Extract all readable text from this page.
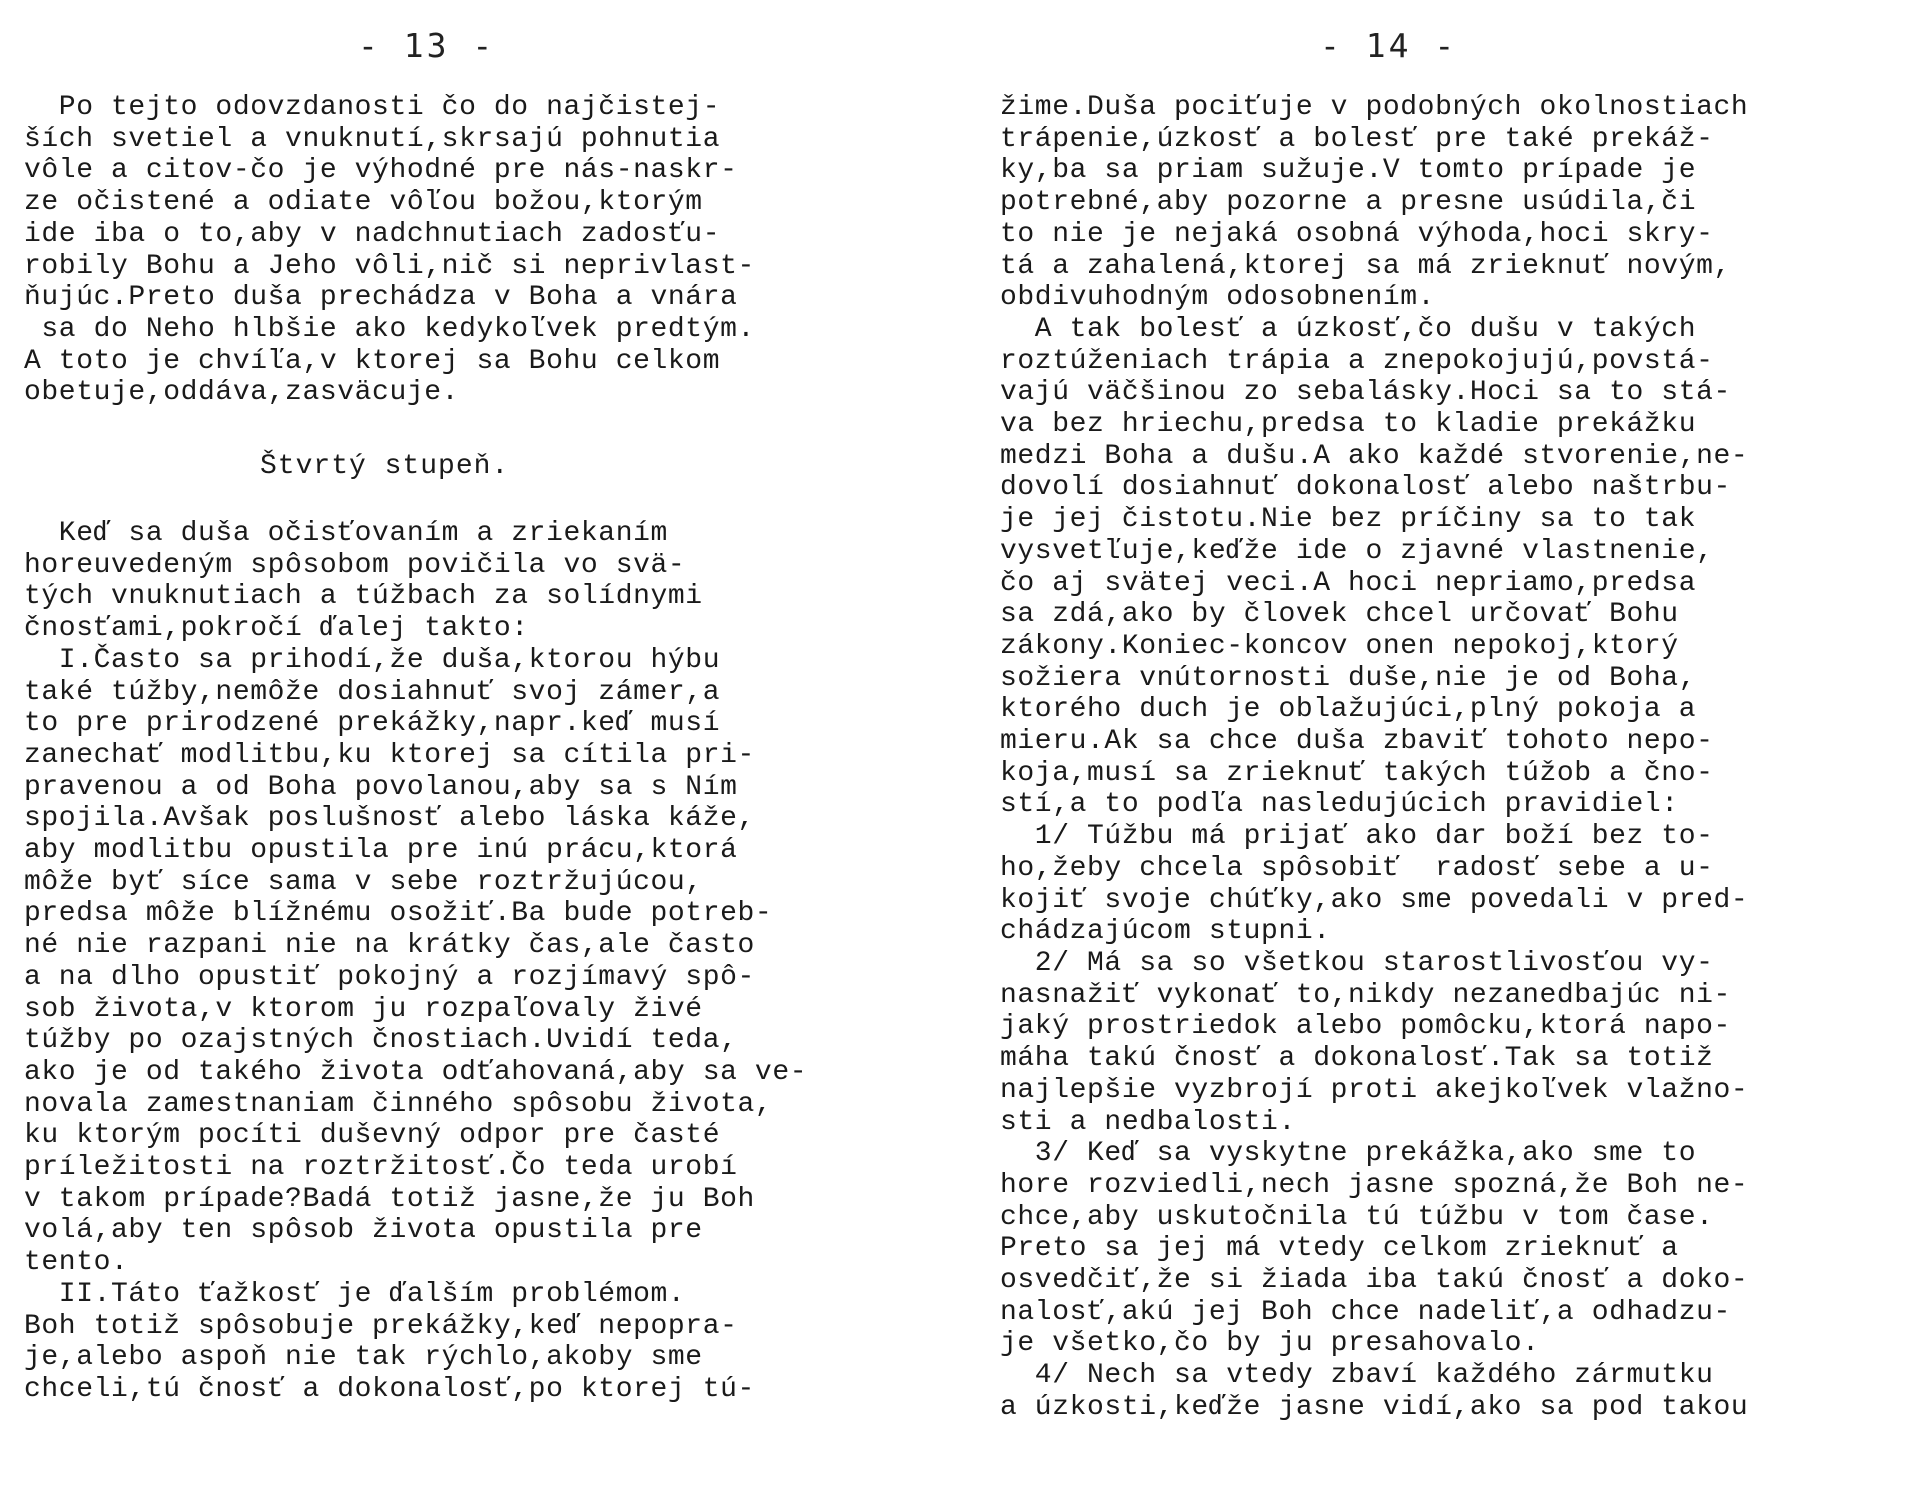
- 13 -
Po tejto odovzdanosti čo do najčistej-
ších svetiel a vnuknutí,skrsajú pohnutia
vôle a citov-čo je výhodné pre nás-naskr-
ze očistené a odiate vôľou božou,ktorým
ide iba o to,aby v nadchnutiach zadosťu-
robily Bohu a Jeho vôli,nič si neprivlast-
ňujúc.Preto duša prechádza v Boha a vnára
sa do Neho hlbšie ako kedykoľvek predtým.
A toto je chvíľa,v ktorej sa Bohu celkom
obetuje,oddáva,zasväcuje.
Štvrtý stupeň.
Keď sa duša očisťovaním a zriekaním
horeuvedeným spôsobom povičila vo svä-
tých vnuknutiach a túžbach za solídnymi
čnosťami,pokročí ďalej takto:
I.Často sa prihodí,že duša,ktorou hýbu
také túžby,nemôže dosiahnuť svoj zámer,a
to pre prirodzené prekážky,napr.keď musí
zanechať modlitbu,ku ktorej sa cítila pri-
pravenou a od Boha povolanou,aby sa s Ním
spojila.Avšak poslušnosť alebo láska káže,
aby modlitbu opustila pre inú prácu,ktorá
môže byť síce sama v sebe roztržujúcou,
predsa môže blížnému osožiť.Ba bude potreb-
né nie razpani nie na krátky čas,ale často
a na dlho opustiť pokojný a rozjímavý spô-
sob života,v ktorom ju rozpaľovaly živé
túžby po ozajstných čnostiach.Uvidí teda,
ako je od takého života odťahovaná,aby sa ve-
novala zamestnaniam činného spôsobu života,
ku ktorým pocíti duševný odpor pre časté
príležitosti na roztržitosť.Čo teda urobí
v takom prípade?Badá totiž jasne,že ju Boh
volá,aby ten spôsob života opustila pre
tento.
II.Táto ťažkosť je ďalším problémom.
Boh totiž spôsobuje prekážky,keď nepopra-
je,alebo aspoň nie tak rýchlo,akoby sme
chceli,tú čnosť a dokonalosť,po ktorej tú-
- 14 -
žime.Duša pociťuje v podobných okolnostiach
trápenie,úzkosť a bolesť pre také prekáž-
ky,ba sa priam sužuje.V tomto prípade je
potrebné,aby pozorne a presne usúdila,či
to nie je nejaká osobná výhoda,hoci skry-
tá a zahalená,ktorej sa má zrieknuť novým,
obdivuhodným odosobnením.
A tak bolesť a úzkosť,čo dušu v takých
roztúženiach trápia a znepokojujú,povstá-
vajú väčšinou zo sebalásky.Hoci sa to stá-
va bez hriechu,predsa to kladie prekážku
medzi Boha a dušu.A ako každé stvorenie,ne-
dovolí dosiahnuť dokonalosť alebo naštrbu-
je jej čistotu.Nie bez príčiny sa to tak
vysvetľuje,keďže ide o zjavné vlastnenie,
čo aj svätej veci.A hoci nepriamo,predsa
sa zdá,ako by človek chcel určovať Bohu
zákony.Koniec-koncov onen nepokoj,ktorý
sožiera vnútornosti duše,nie je od Boha,
ktorého duch je oblažujúci,plný pokoja a
mieru.Ak sa chce duša zbaviť tohoto nepo-
koja,musí sa zrieknuť takých túžob a čno-
stí,a to podľa nasledujúcich pravidiel:
1/ Túžbu má prijať ako dar boží bez to-
ho,žeby chcela spôsobiť  radosť sebe a u-
kojiť svoje chúťky,ako sme povedali v pred-
chádzajúcom stupni.
2/ Má sa so všetkou starostlivosťou vy-
nasnažiť vykonať to,nikdy nezanedbajúc ni-
jaký prostriedok alebo pomôcku,ktorá napo-
máha takú čnosť a dokonalosť.Tak sa totiž
najlepšie vyzbrojí proti akejkoľvek vlažno-
sti a nedbalosti.
3/ Keď sa vyskytne prekážka,ako sme to
hore rozviedli,nech jasne spozná,že Boh ne-
chce,aby uskutočnila tú túžbu v tom čase.
Preto sa jej má vtedy celkom zrieknuť a
osvedčiť,že si žiada iba takú čnosť a doko-
nalosť,akú jej Boh chce nadeliť,a odhadzu-
je všetko,čo by ju presahovalo.
4/ Nech sa vtedy zbaví každého zármutku
a úzkosti,keďže jasne vidí,ako sa pod takou
